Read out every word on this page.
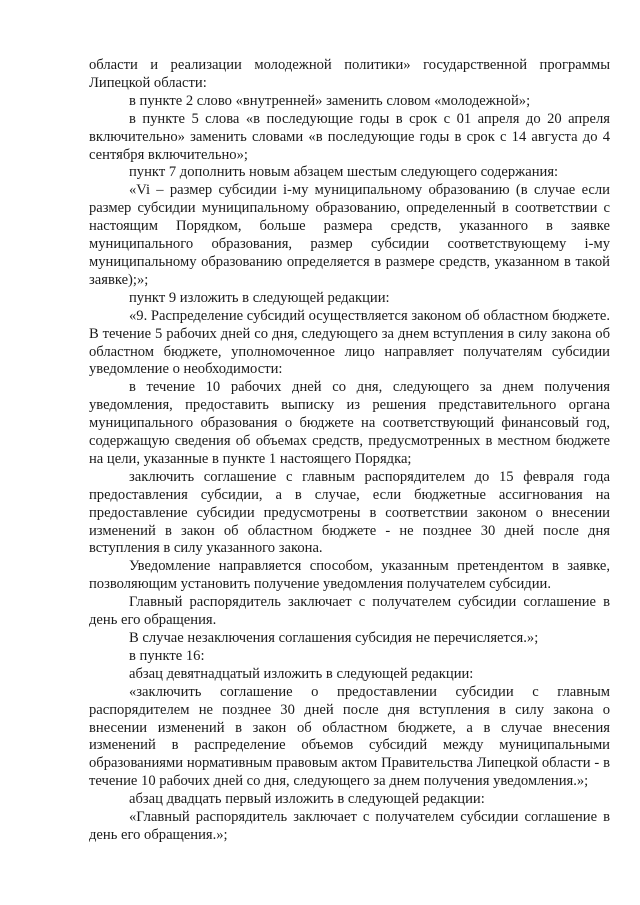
области и реализации молодежной политики» государственной программы Липецкой области:

в пункте 2 слово «внутренней» заменить словом «молодежной»;

в пункте 5 слова «в последующие годы в срок с 01 апреля до 20 апреля включительно» заменить словами «в последующие годы в срок с 14 августа до 4 сентября включительно»;

пункт 7 дополнить новым абзацем шестым следующего содержания:

«Vi – размер субсидии i-му муниципальному образованию (в случае если размер субсидии муниципальному образованию, определенный в соответствии с настоящим Порядком, больше размера средств, указанного в заявке муниципального образования, размер субсидии соответствующему i-му муниципальному образованию определяется в размере средств, указанном в такой заявке);»;

пункт 9 изложить в следующей редакции:

«9. Распределение субсидий осуществляется законом об областном бюджете. В течение 5 рабочих дней со дня, следующего за днем вступления в силу закона об областном бюджете, уполномоченное лицо направляет получателям субсидии уведомление о необходимости:

в течение 10 рабочих дней со дня, следующего за днем получения уведомления, предоставить выписку из решения представительного органа муниципального образования о бюджете на соответствующий финансовый год, содержащую сведения об объемах средств, предусмотренных в местном бюджете на цели, указанные в пункте 1 настоящего Порядка;

заключить соглашение с главным распорядителем до 15 февраля года предоставления субсидии, а в случае, если бюджетные ассигнования на предоставление субсидии предусмотрены в соответствии законом о внесении изменений в закон об областном бюджете - не позднее 30 дней после дня вступления в силу указанного закона.

Уведомление направляется способом, указанным претендентом в заявке, позволяющим установить получение уведомления получателем субсидии.

Главный распорядитель заключает с получателем субсидии соглашение в день его обращения.

В случае незаключения соглашения субсидия не перечисляется.»;

в пункте 16:

абзац девятнадцатый изложить в следующей редакции:

«заключить соглашение о предоставлении субсидии с главным распорядителем не позднее 30 дней после дня вступления в силу закона о внесении изменений в закон об областном бюджете, а в случае внесения изменений в распределение объемов субсидий между муниципальными образованиями нормативным правовым актом Правительства Липецкой области - в течение 10 рабочих дней со дня, следующего за днем получения уведомления.»;

абзац двадцать первый изложить в следующей редакции:

«Главный распорядитель заключает с получателем субсидии соглашение в день его обращения.»;
